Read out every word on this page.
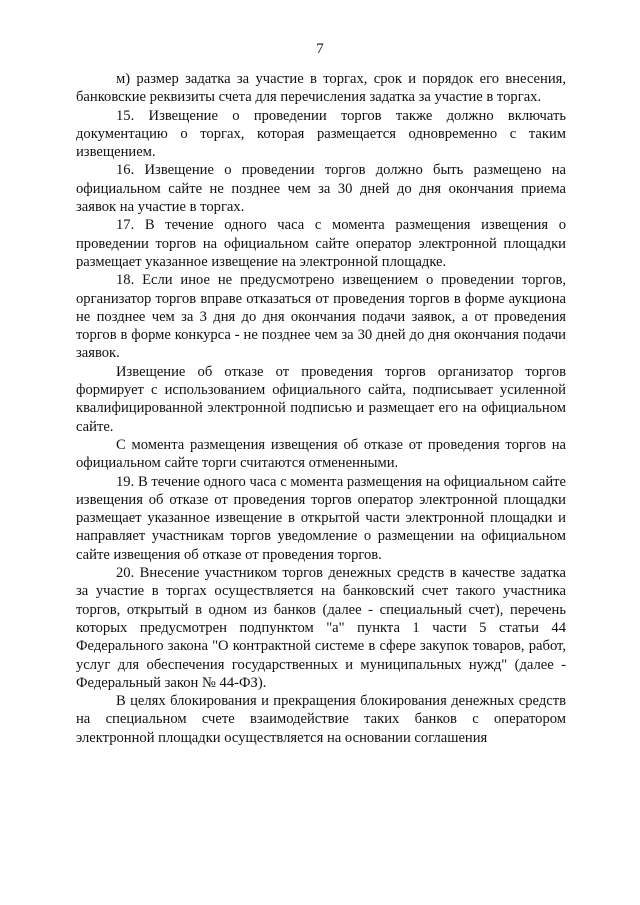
7

м) размер задатка за участие в торгах, срок и порядок его внесения, банковские реквизиты счета для перечисления задатка за участие в торгах.

15. Извещение о проведении торгов также должно включать документацию о торгах, которая размещается одновременно с таким извещением.

16. Извещение о проведении торгов должно быть размещено на официальном сайте не позднее чем за 30 дней до дня окончания приема заявок на участие в торгах.

17. В течение одного часа с момента размещения извещения о проведении торгов на официальном сайте оператор электронной площадки размещает указанное извещение на электронной площадке.

18. Если иное не предусмотрено извещением о проведении торгов, организатор торгов вправе отказаться от проведения торгов в форме аукциона не позднее чем за 3 дня до дня окончания подачи заявок, а от проведения торгов в форме конкурса - не позднее чем за 30 дней до дня окончания подачи заявок.

Извещение об отказе от проведения торгов организатор торгов формирует с использованием официального сайта, подписывает усиленной квалифицированной электронной подписью и размещает его на официальном сайте.

С момента размещения извещения об отказе от проведения торгов на официальном сайте торги считаются отмененными.

19. В течение одного часа с момента размещения на официальном сайте извещения об отказе от проведения торгов оператор электронной площадки размещает указанное извещение в открытой части электронной площадки и направляет участникам торгов уведомление о размещении на официальном сайте извещения об отказе от проведения торгов.

20. Внесение участником торгов денежных средств в качестве задатка за участие в торгах осуществляется на банковский счет такого участника торгов, открытый в одном из банков (далее - специальный счет), перечень которых предусмотрен подпунктом "а" пункта 1 части 5 статьи 44 Федерального закона "О контрактной системе в сфере закупок товаров, работ, услуг для обеспечения государственных и муниципальных нужд" (далее - Федеральный закон № 44-ФЗ).

В целях блокирования и прекращения блокирования денежных средств на специальном счете взаимодействие таких банков с оператором электронной площадки осуществляется на основании соглашения
